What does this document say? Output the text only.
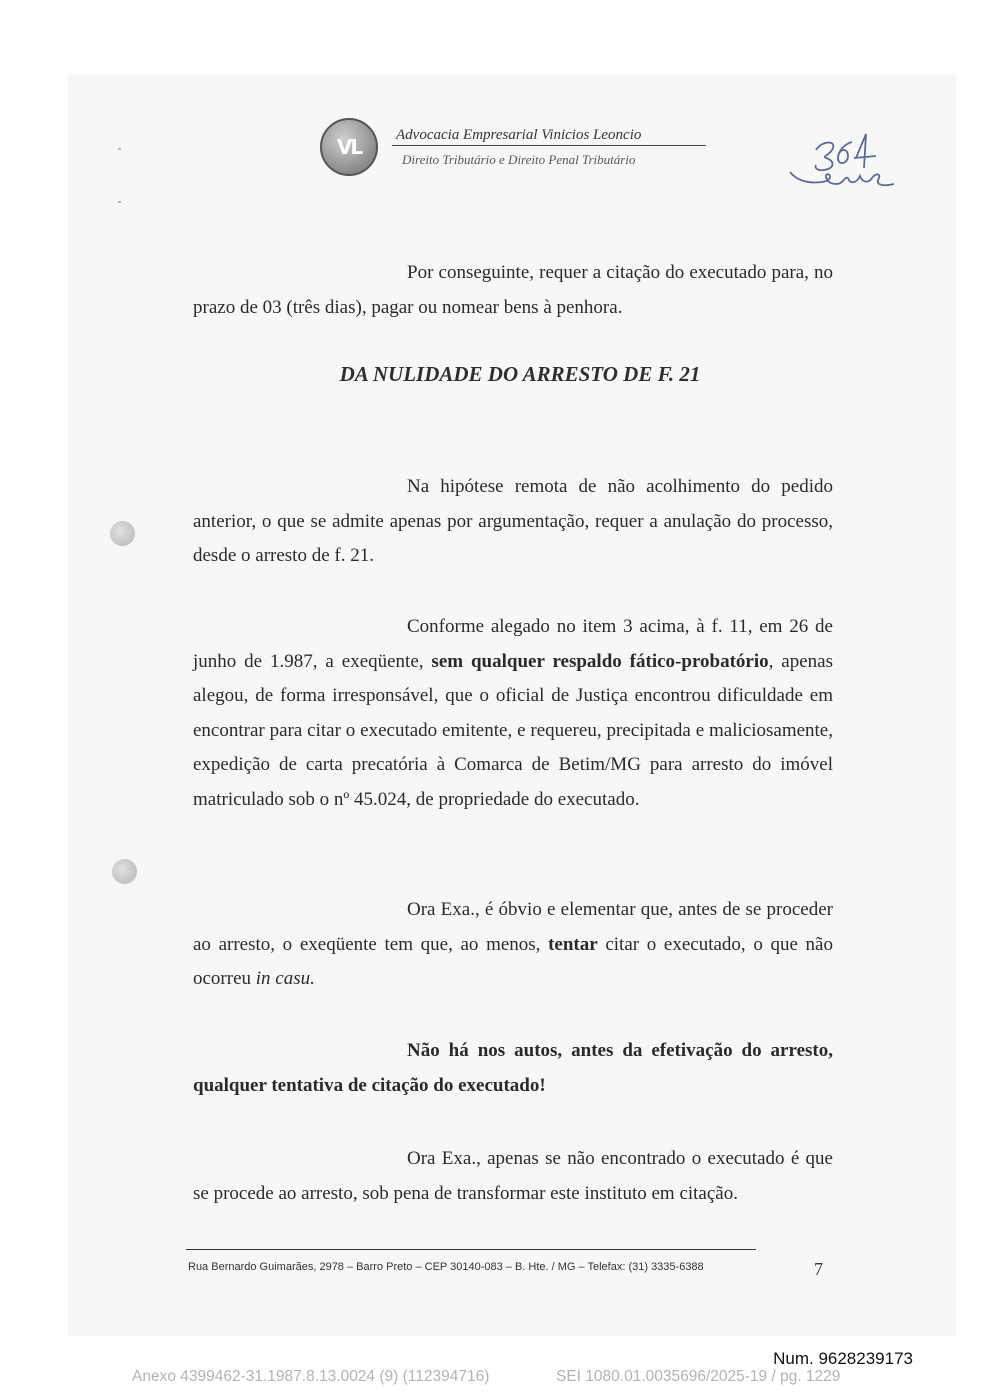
VL Advocacia Empresarial Vinicios Leoncio
Direito Tributário e Direito Penal Tributário
Por conseguinte, requer a citação do executado para, no prazo de 03 (três dias), pagar ou nomear bens à penhora.
DA NULIDADE DO ARRESTO DE F. 21
Na hipótese remota de não acolhimento do pedido anterior, o que se admite apenas por argumentação, requer a anulação do processo, desde o arresto de f. 21.
Conforme alegado no item 3 acima, à f. 11, em 26 de junho de 1.987, a exeqüente, sem qualquer respaldo fático-probatório, apenas alegou, de forma irresponsável, que o oficial de Justiça encontrou dificuldade em encontrar para citar o executado emitente, e requereu, precipitada e maliciosamente, expedição de carta precatória à Comarca de Betim/MG para arresto do imóvel matriculado sob o nº 45.024, de propriedade do executado.
Ora Exa., é óbvio e elementar que, antes de se proceder ao arresto, o exeqüente tem que, ao menos, tentar citar o executado, o que não ocorreu in casu.
Não há nos autos, antes da efetivação do arresto, qualquer tentativa de citação do executado!
Ora Exa., apenas se não encontrado o executado é que se procede ao arresto, sob pena de transformar este instituto em citação.
Rua Bernardo Guimarães, 2978 – Barro Preto – CEP 30140-083 – B. Hte. / MG – Telefax: (31) 3335-6388	7
Num. 9628239173
Anexo 4399462-31.1987.8.13.0024 (9) (112394716)	SEI 1080.01.0035696/2025-19 / pg. 1229
